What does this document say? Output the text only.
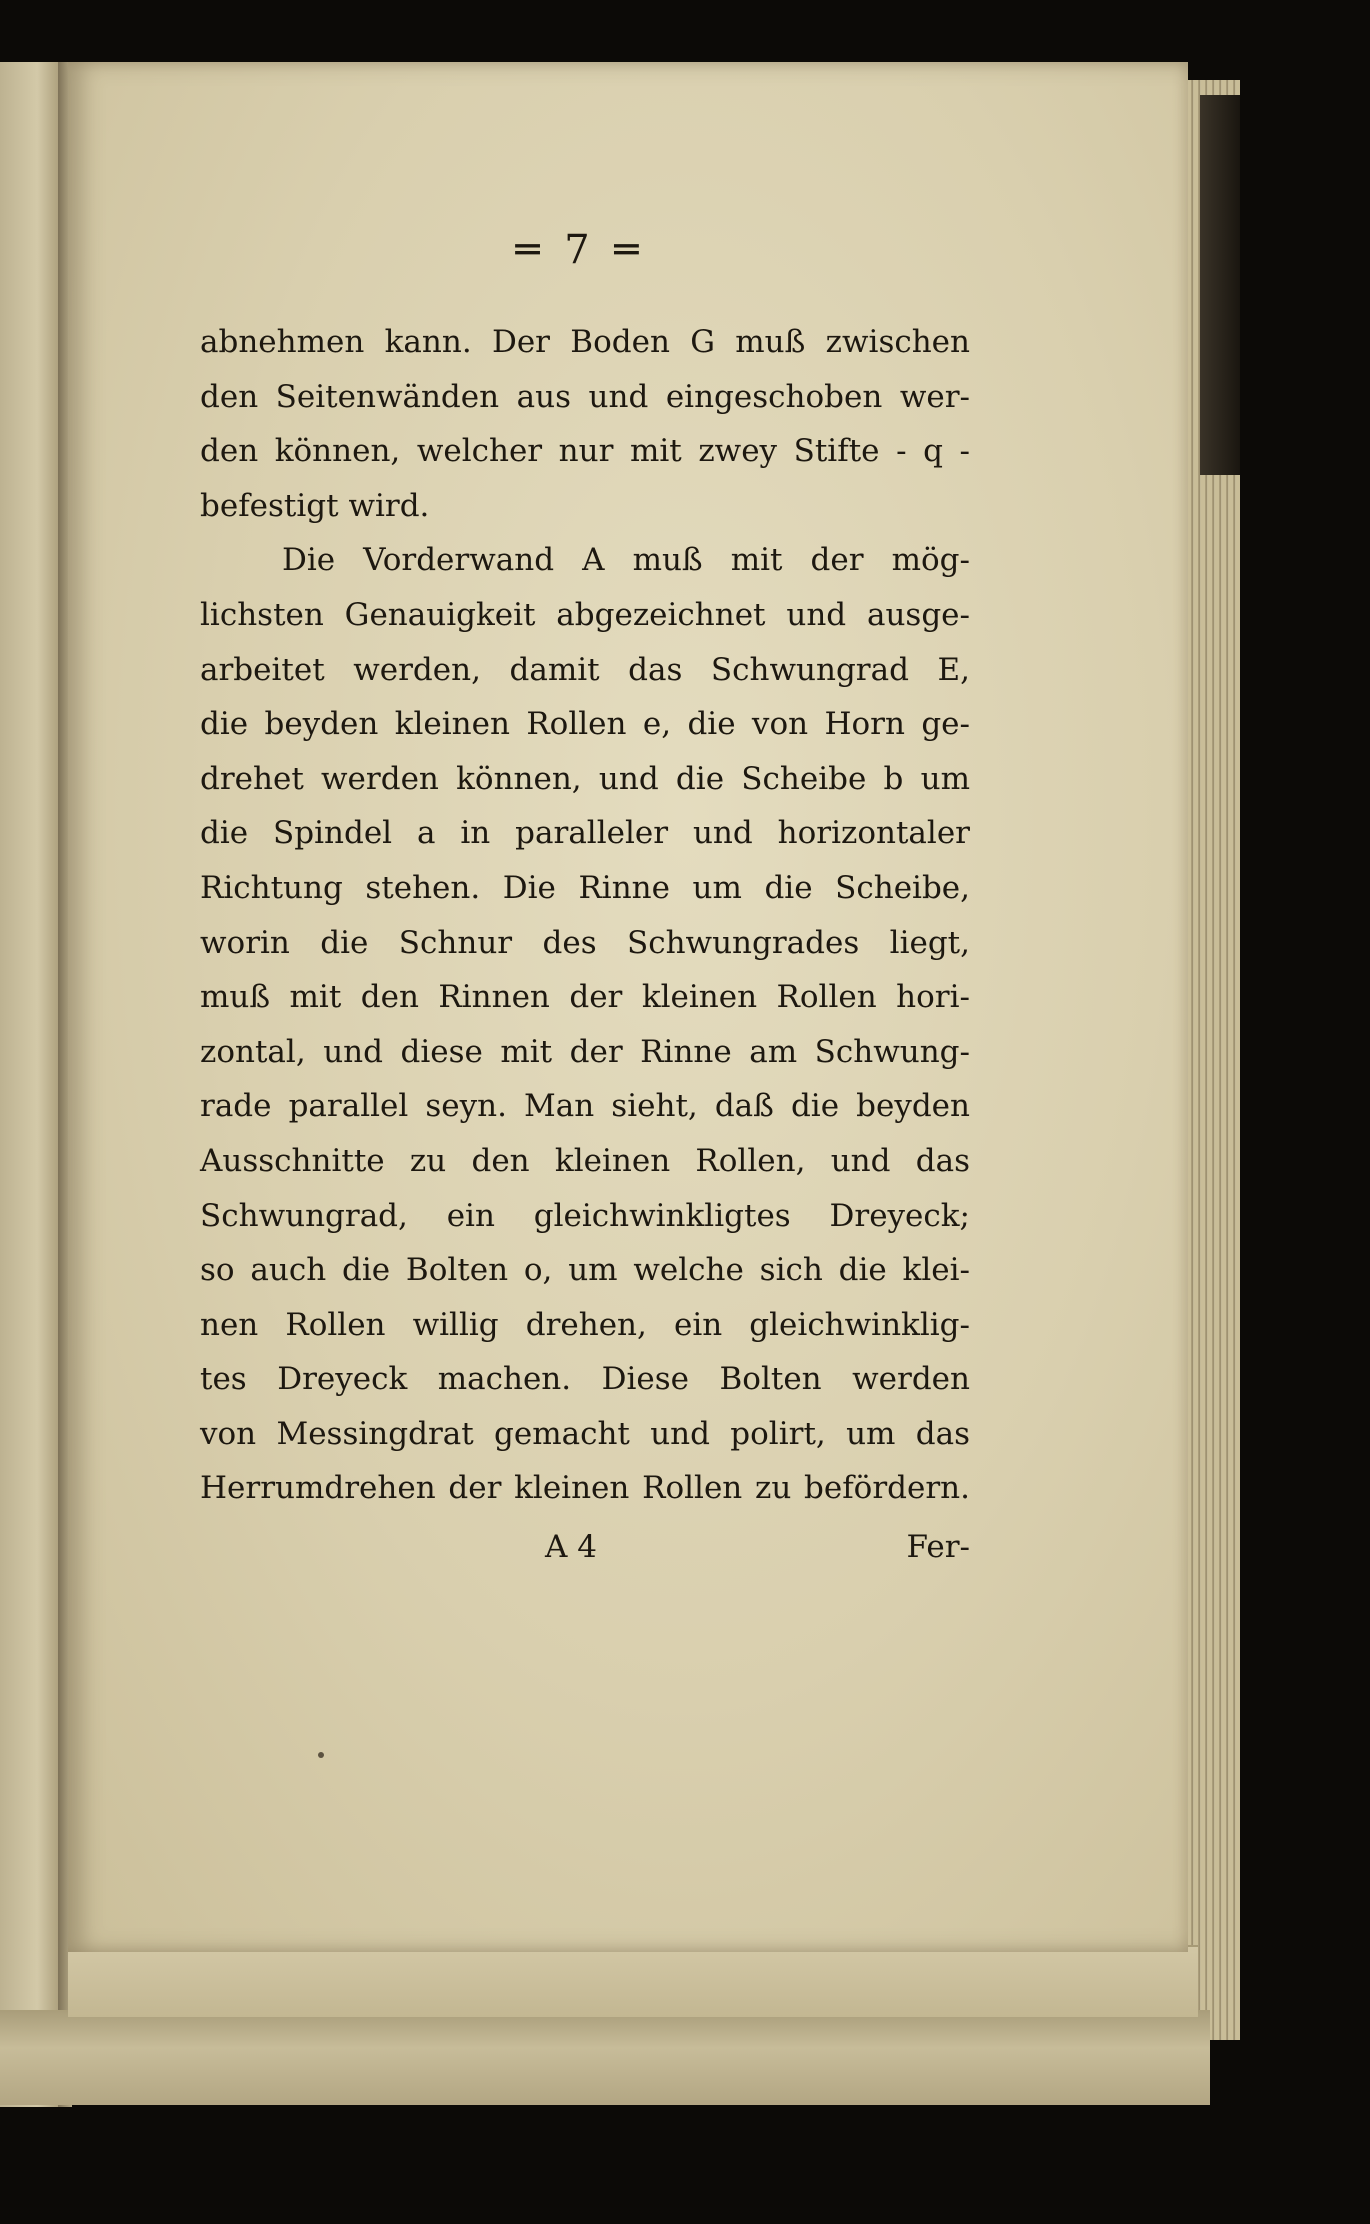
═ 7 ═
abnehmen kann. Der Boden G muß zwischen
den Seitenwänden aus und eingeschoben wer-
den können, welcher nur mit zwey Stifte - q -
befestigt wird.
Die Vorderwand A muß mit der mög-
lichsten Genauigkeit abgezeichnet und ausge-
arbeitet werden, damit das Schwungrad E,
die beyden kleinen Rollen e, die von Horn ge-
drehet werden können, und die Scheibe b um
die Spindel a in paralleler und horizontaler
Richtung stehen. Die Rinne um die Scheibe,
worin die Schnur des Schwungrades liegt,
muß mit den Rinnen der kleinen Rollen hori-
zontal, und diese mit der Rinne am Schwung-
rade parallel seyn. Man sieht, daß die beyden
Ausschnitte zu den kleinen Rollen, und das
Schwungrad, ein gleichwinkligtes Dreyeck;
so auch die Bolten o, um welche sich die klei-
nen Rollen willig drehen, ein gleichwinklig-
tes Dreyeck machen. Diese Bolten werden
von Messingdrat gemacht und polirt, um das
Herrumdrehen der kleinen Rollen zu befördern.
A 4	Fer-
